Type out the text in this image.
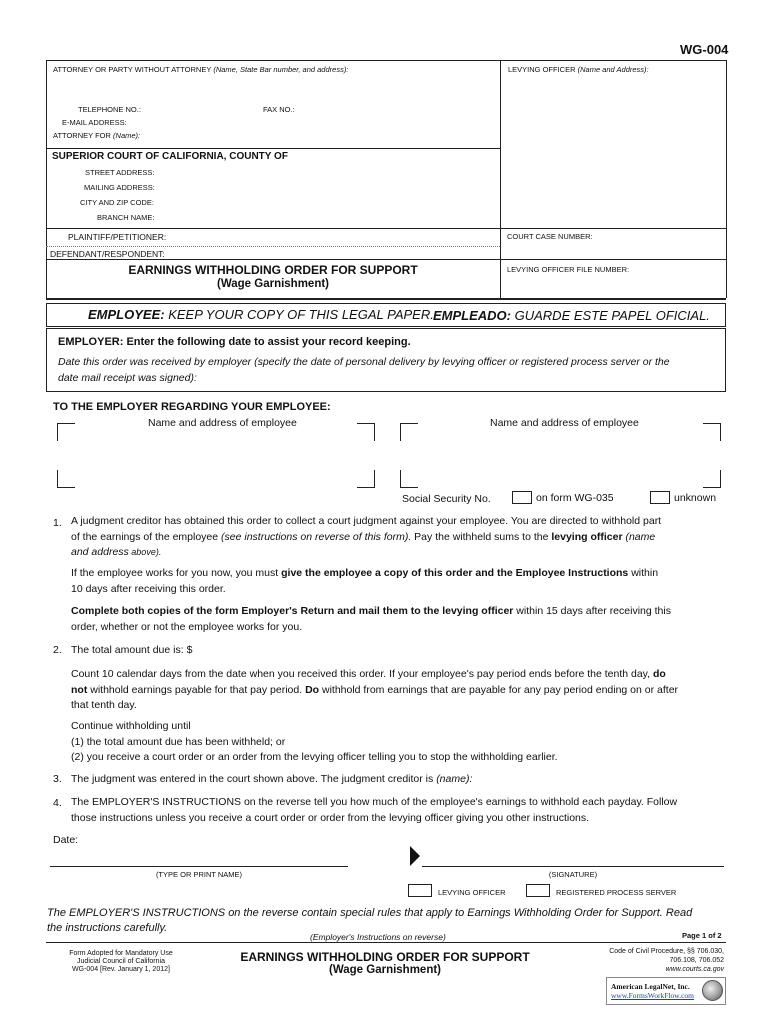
WG-004
ATTORNEY OR PARTY WITHOUT ATTORNEY (Name, State Bar number, and address):	LEVYING OFFICER (Name and Address):
TELEPHONE NO.:	FAX NO.:
E-MAIL ADDRESS:
ATTORNEY FOR (Name):
SUPERIOR COURT OF CALIFORNIA, COUNTY OF
STREET ADDRESS:
MAILING ADDRESS:
CITY AND ZIP CODE:
BRANCH NAME:
PLAINTIFF/PETITIONER:
DEFENDANT/RESPONDENT:
COURT CASE NUMBER:
EARNINGS WITHHOLDING ORDER FOR SUPPORT
(Wage Garnishment)
LEVYING OFFICER FILE NUMBER:
EMPLOYEE: KEEP YOUR COPY OF THIS LEGAL PAPER. EMPLEADO: GUARDE ESTE PAPEL OFICIAL.
EMPLOYER: Enter the following date to assist your record keeping.
Date this order was received by employer (specify the date of personal delivery by levying officer or registered process server or the
date mail receipt was signed):
TO THE EMPLOYER REGARDING YOUR EMPLOYEE:
Name and address of employee	Name and address of employee
Social Security No.	on form WG-035	unknown
1. A judgment creditor has obtained this order to collect a court judgment against your employee. You are directed to withhold part
of the earnings of the employee (see instructions on reverse of this form). Pay the withheld sums to the levying officer (name
and address above).
If the employee works for you now, you must give the employee a copy of this order and the Employee Instructions within
10 days after receiving this order.
Complete both copies of the form Employer's Return and mail them to the levying officer within 15 days after receiving this
order, whether or not the employee works for you.
2. The total amount due is: $
Count 10 calendar days from the date when you received this order. If your employee's pay period ends before the tenth day, do
not withhold earnings payable for that pay period. Do withhold from earnings that are payable for any pay period ending on or after
that tenth day.
Continue withholding until
(1) the total amount due has been withheld; or
(2) you receive a court order or an order from the levying officer telling you to stop the withholding earlier.
3. The judgment was entered in the court shown above. The judgment creditor is (name):
4. The EMPLOYER'S INSTRUCTIONS on the reverse tell you how much of the employee's earnings to withhold each payday. Follow
those instructions unless you receive a court order or order from the levying officer giving you other instructions.
Date:
(TYPE OR PRINT NAME)	(SIGNATURE)
LEVYING OFFICER	REGISTERED PROCESS SERVER
The EMPLOYER'S INSTRUCTIONS on the reverse contain special rules that apply to Earnings Withholding Order for Support. Read
the instructions carefully.
(Employer's Instructions on reverse)	Page 1 of 2
Form Adopted for Mandatory Use
Judicial Council of California
WG-004 [Rev. January 1, 2012]
EARNINGS WITHHOLDING ORDER FOR SUPPORT
(Wage Garnishment)
Code of Civil Procedure, §§ 706.030,
706.108, 706.052
www.courts.ca.gov
American LegalNet, Inc.
www.FormsWorkFlow.com
